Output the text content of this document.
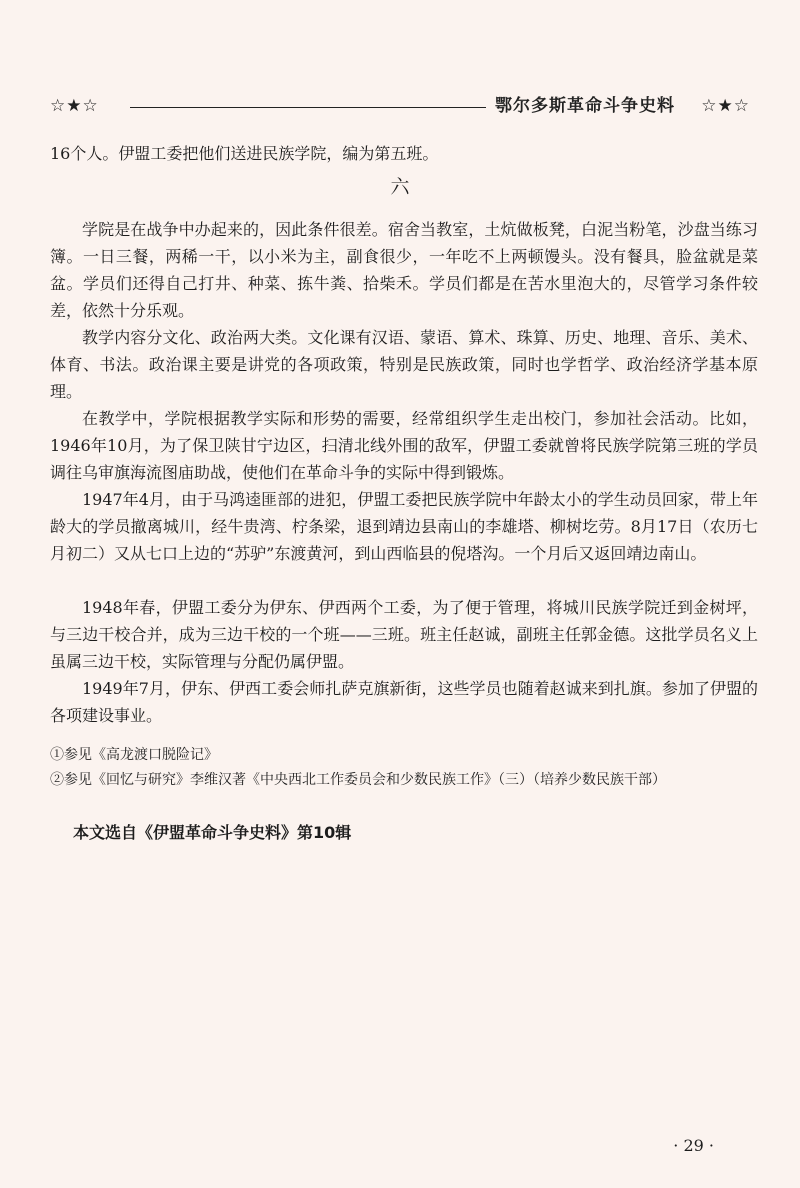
☆★☆	鄂尔多斯革命斗争史料 ☆★☆

16个人。伊盟工委把他们送进民族学院，编为第五班。

六

学院是在战争中办起来的，因此条件很差。宿舍当教室，土炕做板凳，白泥当粉笔，沙盘当练习簿。一日三餐，两稀一干，以小米为主，副食很少，一年吃不上两顿馒头。没有餐具，脸盆就是菜盆。学员们还得自己打井、种菜、拣牛粪、拾柴禾。学员们都是在苦水里泡大的，尽管学习条件较差，依然十分乐观。

教学内容分文化、政治两大类。文化课有汉语、蒙语、算术、珠算、历史、地理、音乐、美术、体育、书法。政治课主要是讲党的各项政策，特别是民族政策，同时也学哲学、政治经济学基本原理。

在教学中，学院根据教学实际和形势的需要，经常组织学生走出校门，参加社会活动。比如，1946年10月，为了保卫陕甘宁边区，扫清北线外围的敌军，伊盟工委就曾将民族学院第三班的学员调往乌审旗海流图庙助战，使他们在革命斗争的实际中得到锻炼。

1947年4月，由于马鸿逵匪部的进犯，伊盟工委把民族学院中年龄太小的学生动员回家，带上年龄大的学员撤离城川，经牛贵湾、柠条梁，退到靖边县南山的李雄塔、柳树圪劳。8月17日（农历七月初二）又从七口上边的“苏驴”东渡黄河，到山西临县的倪塔沟。一个月后又返回靖边南山。

1948年春，伊盟工委分为伊东、伊西两个工委，为了便于管理，将城川民族学院迁到金树坪，与三边干校合并，成为三边干校的一个班——三班。班主任赵诚，副班主任郭金德。这批学员名义上虽属三边干校，实际管理与分配仍属伊盟。

1949年7月，伊东、伊西工委会师扎萨克旗新街，这些学员也随着赵诚来到扎旗。参加了伊盟的各项建设事业。

①参见《高龙渡口脱险记》

②参见《回忆与研究》李维汉著《中央西北工作委员会和少数民族工作》（三）（培养少数民族干部）

本文选自《伊盟革命斗争史料》第10辑

· 29 ·
